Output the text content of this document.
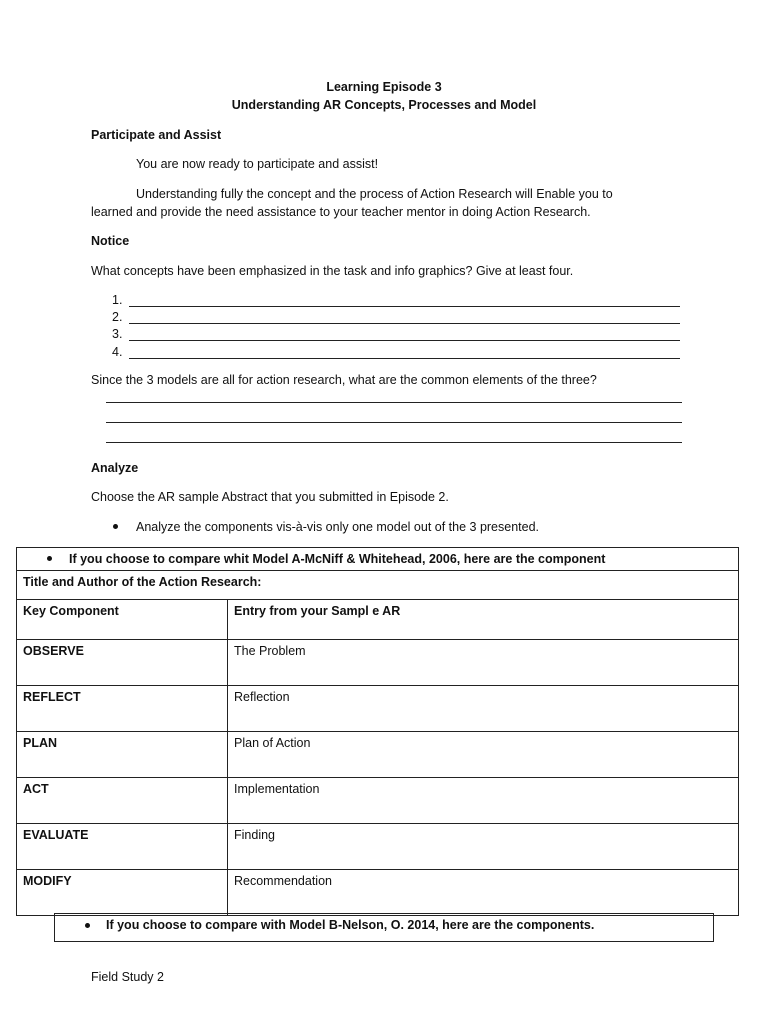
Learning Episode 3
Understanding AR Concepts, Processes and Model
Participate and Assist
You are now ready to participate and assist!
Understanding fully the concept and the process of Action Research will Enable you to
learned and provide the need assistance to your teacher mentor in doing Action Research.
Notice
What concepts have been emphasized in the task and info graphics? Give at least four.
1.
2.
3.
4.
Since the 3 models are all for action research, what are the common elements of the three?
Analyze
Choose the AR sample Abstract that you submitted in Episode 2.
Analyze the components vis-à-vis only one model out of the 3 presented.
If you choose to compare whit Model A-McNiff & Whitehead, 2006, here are the component	
Title and Author of the Action Research:	
Key Component	Entry from your Sampl e AR
OBSERVE	The Problem
REFLECT	Reflection
PLAN	Plan of Action
ACT	Implementation
EVALUATE	Finding
MODIFY	Recommendation
If you choose to compare with Model B-Nelson, O. 2014, here are the components.
Field Study 2
